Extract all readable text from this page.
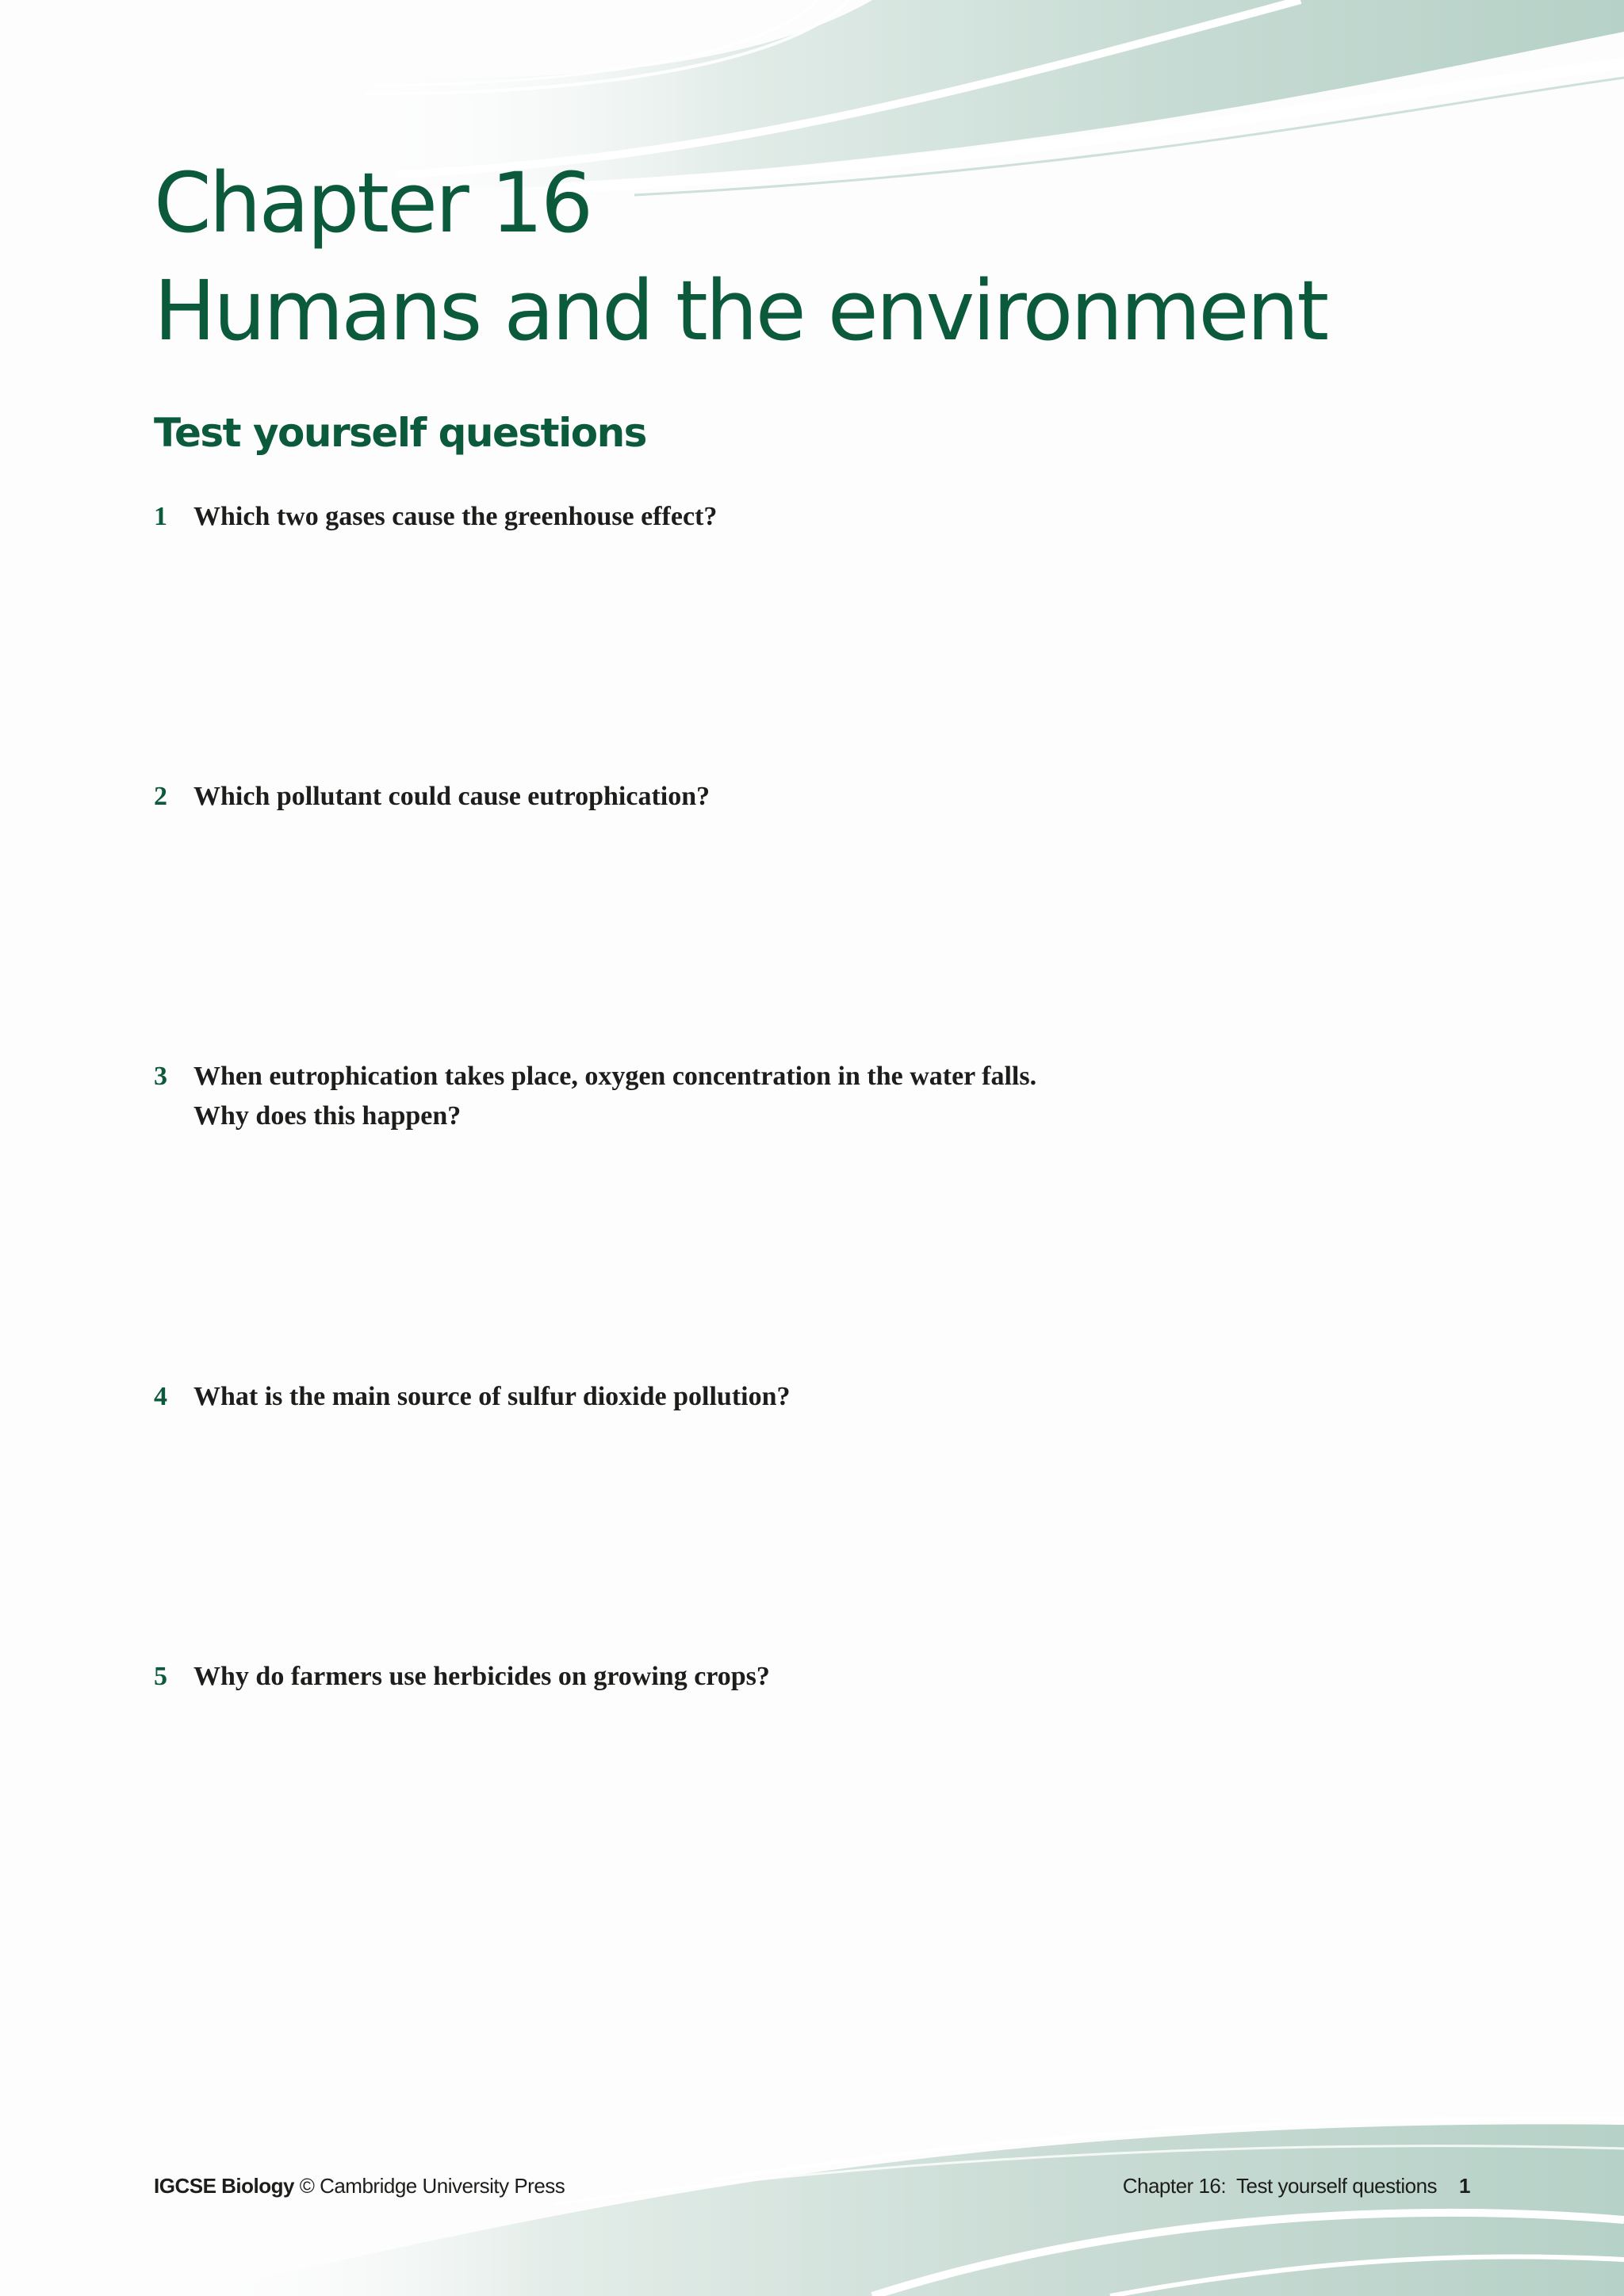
Chapter 16
Humans and the environment
Test yourself questions
1 Which two gases cause the greenhouse effect?
2 Which pollutant could cause eutrophication?
3 When eutrophication takes place, oxygen concentration in the water falls.
Why does this happen?
4 What is the main source of sulfur dioxide pollution?
5 Why do farmers use herbicides on growing crops?
IGCSE Biology © Cambridge University Press	Chapter 16:  Test yourself questions 1
